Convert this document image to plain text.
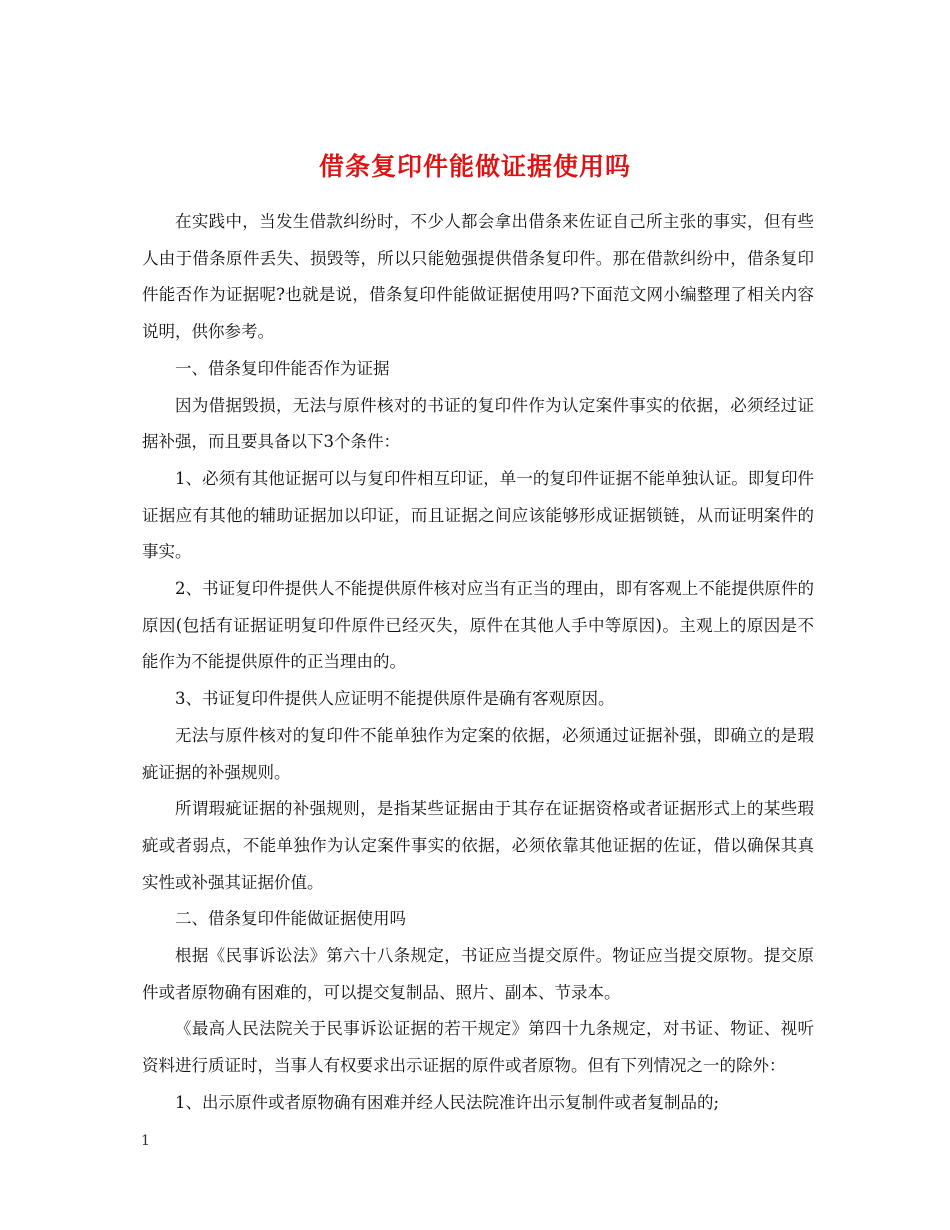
借条复印件能做证据使用吗

在实践中，当发生借款纠纷时，不少人都会拿出借条来佐证自己所主张的事实，但有些人由于借条原件丢失、损毁等，所以只能勉强提供借条复印件。那在借款纠纷中，借条复印件能否作为证据呢?也就是说，借条复印件能做证据使用吗?下面范文网小编整理了相关内容说明，供你参考。

一、借条复印件能否作为证据

因为借据毁损，无法与原件核对的书证的复印件作为认定案件事实的依据，必须经过证据补强，而且要具备以下3个条件：

1、必须有其他证据可以与复印件相互印证，单一的复印件证据不能单独认证。即复印件证据应有其他的辅助证据加以印证，而且证据之间应该能够形成证据锁链，从而证明案件的事实。

2、书证复印件提供人不能提供原件核对应当有正当的理由，即有客观上不能提供原件的原因(包括有证据证明复印件原件已经灭失，原件在其他人手中等原因)。主观上的原因是不能作为不能提供原件的正当理由的。

3、书证复印件提供人应证明不能提供原件是确有客观原因。

无法与原件核对的复印件不能单独作为定案的依据，必须通过证据补强，即确立的是瑕疵证据的补强规则。

所谓瑕疵证据的补强规则，是指某些证据由于其存在证据资格或者证据形式上的某些瑕疵或者弱点，不能单独作为认定案件事实的依据，必须依靠其他证据的佐证，借以确保其真实性或补强其证据价值。

二、借条复印件能做证据使用吗

根据《民事诉讼法》第六十八条规定，书证应当提交原件。物证应当提交原物。提交原件或者原物确有困难的，可以提交复制品、照片、副本、节录本。

《最高人民法院关于民事诉讼证据的若干规定》第四十九条规定，对书证、物证、视听资料进行质证时，当事人有权要求出示证据的原件或者原物。但有下列情况之一的除外：

1、出示原件或者原物确有困难并经人民法院准许出示复制件或者复制品的;

1
